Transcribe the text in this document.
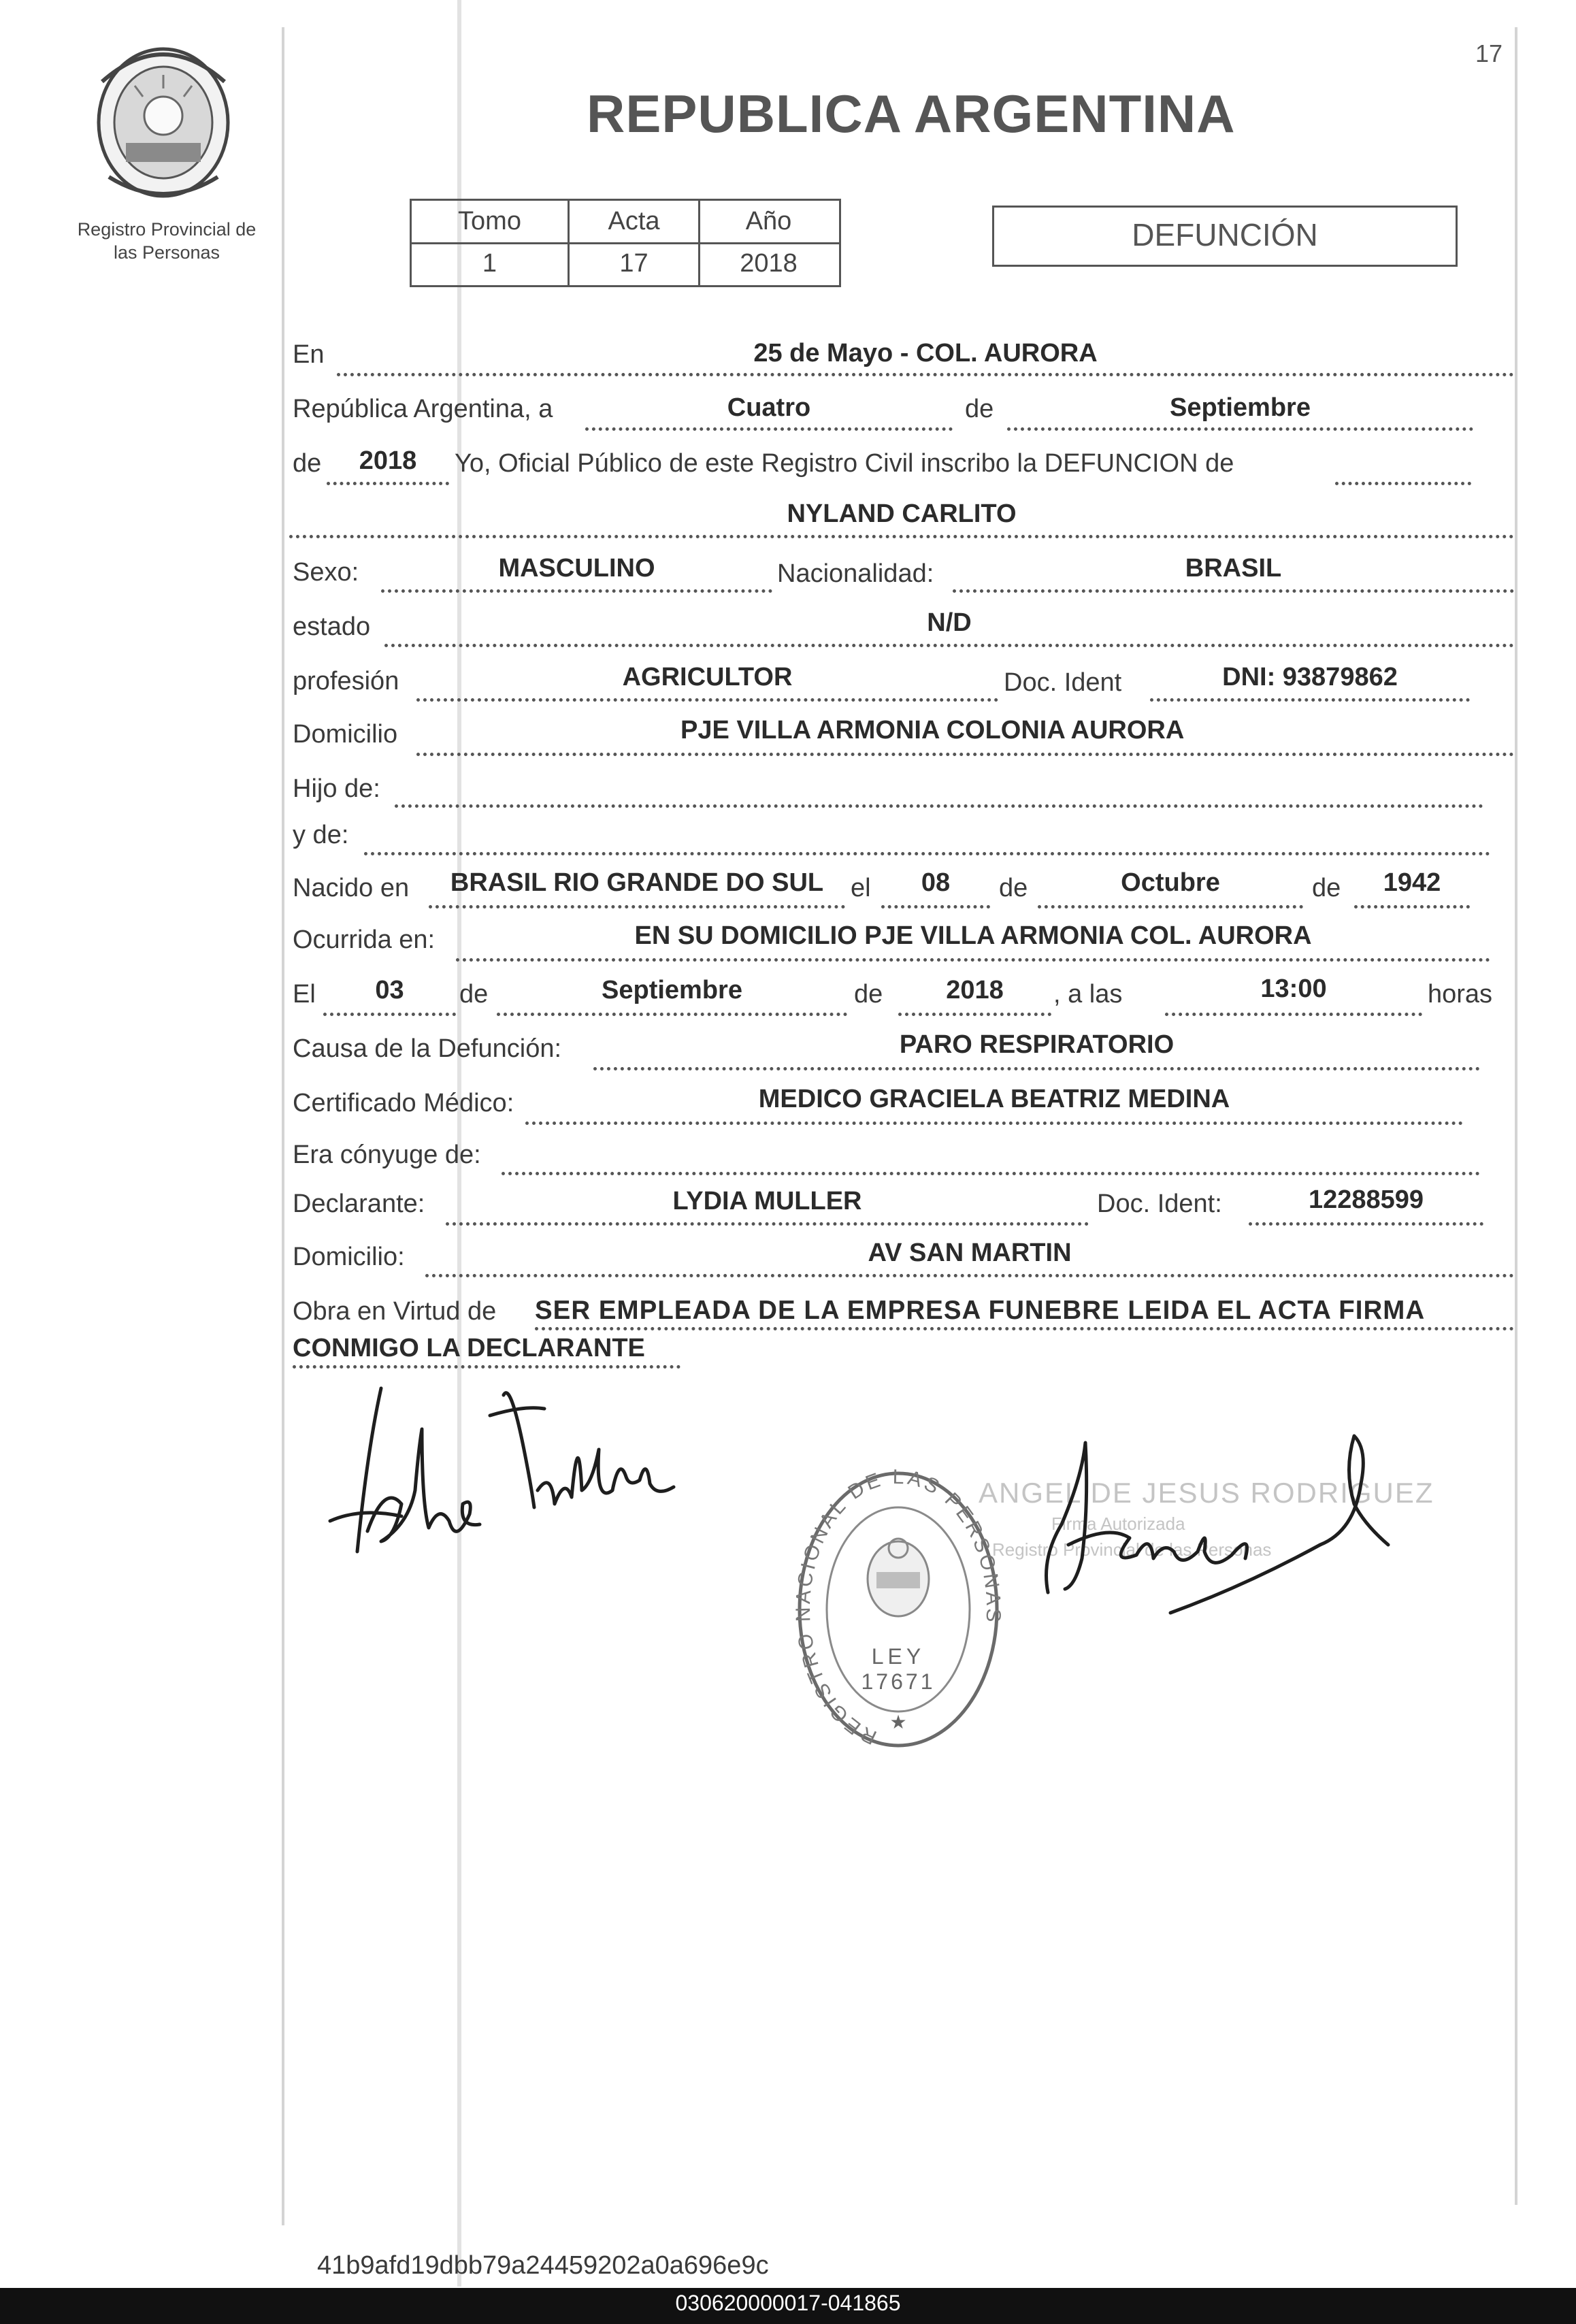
17
Registro Provincial de
las Personas
REPUBLICA ARGENTINA
Tomo	Acta	Año
1	17	2018
DEFUNCIÓN
En	25 de Mayo - COL. AURORA
República Argentina, a	Cuatro	de	Septiembre
de	2018	Yo, Oficial Público de este Registro Civil inscribo la DEFUNCION de
NYLAND CARLITO
Sexo:	MASCULINO	Nacionalidad:	BRASIL
estado	N/D
profesión	AGRICULTOR	Doc. Ident	DNI: 93879862
Domicilio	PJE VILLA ARMONIA COLONIA AURORA
Hijo de:
y de:
Nacido en	BRASIL RIO GRANDE DO SUL	el	08	de	Octubre	de	1942
Ocurrida en:	EN SU DOMICILIO PJE VILLA ARMONIA COL. AURORA
El	03	de	Septiembre	de	2018	, a las	13:00	horas
Causa de la Defunción:	PARO RESPIRATORIO
Certificado Médico:	MEDICO GRACIELA BEATRIZ MEDINA
Era cónyuge de:
Declarante:	LYDIA MULLER	Doc. Ident:	12288599
Domicilio:	AV SAN MARTIN
Obra en Virtud de SER EMPLEADA DE LA EMPRESA FUNEBRE LEIDA EL ACTA FIRMA
CONMIGO LA DECLARANTE
REGISTRO NACIONAL DE LAS PERSONAS
LEY
17671
★
ANGEL DE JESUS RODRIGUEZ
Firma Autorizada
Registro Provincial de las Personas
41b9afd19dbb79a24459202a0a696e9c
030620000017-041865
